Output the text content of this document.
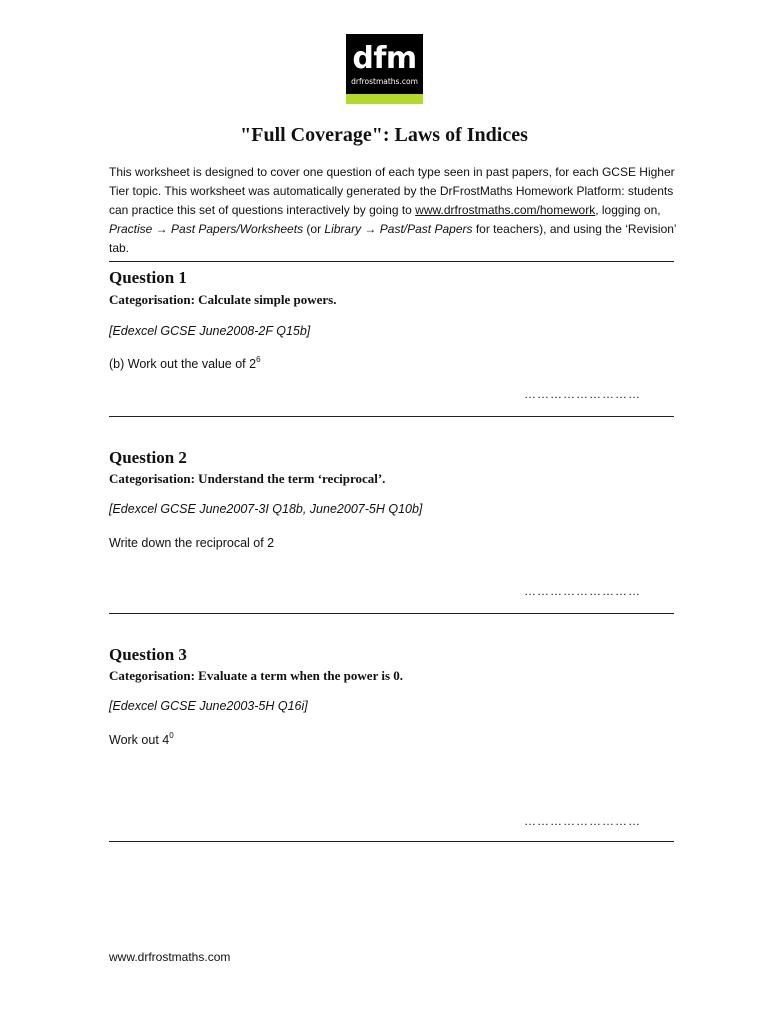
dfm
drfrostmaths.com
"Full Coverage": Laws of Indices
This worksheet is designed to cover one question of each type seen in past papers, for each GCSE Higher Tier topic. This worksheet was automatically generated by the DrFrostMaths Homework Platform: students can practice this set of questions interactively by going to www.drfrostmaths.com/homework, logging on, Practise → Past Papers/Worksheets (or Library → Past/Past Papers for teachers), and using the ‘Revision’ tab.
Question 1
Categorisation: Calculate simple powers.
[Edexcel GCSE June2008-2F Q15b]
(b) Work out the value of $2^6$
………………………
Question 2
Categorisation: Understand the term ‘reciprocal’.
[Edexcel GCSE June2007-3I Q18b, June2007-5H Q10b]
Write down the reciprocal of 2
………………………
Question 3
Categorisation: Evaluate a term when the power is 0.
[Edexcel GCSE June2003-5H Q16i]
Work out $4^0$
………………………
www.drfrostmaths.com
